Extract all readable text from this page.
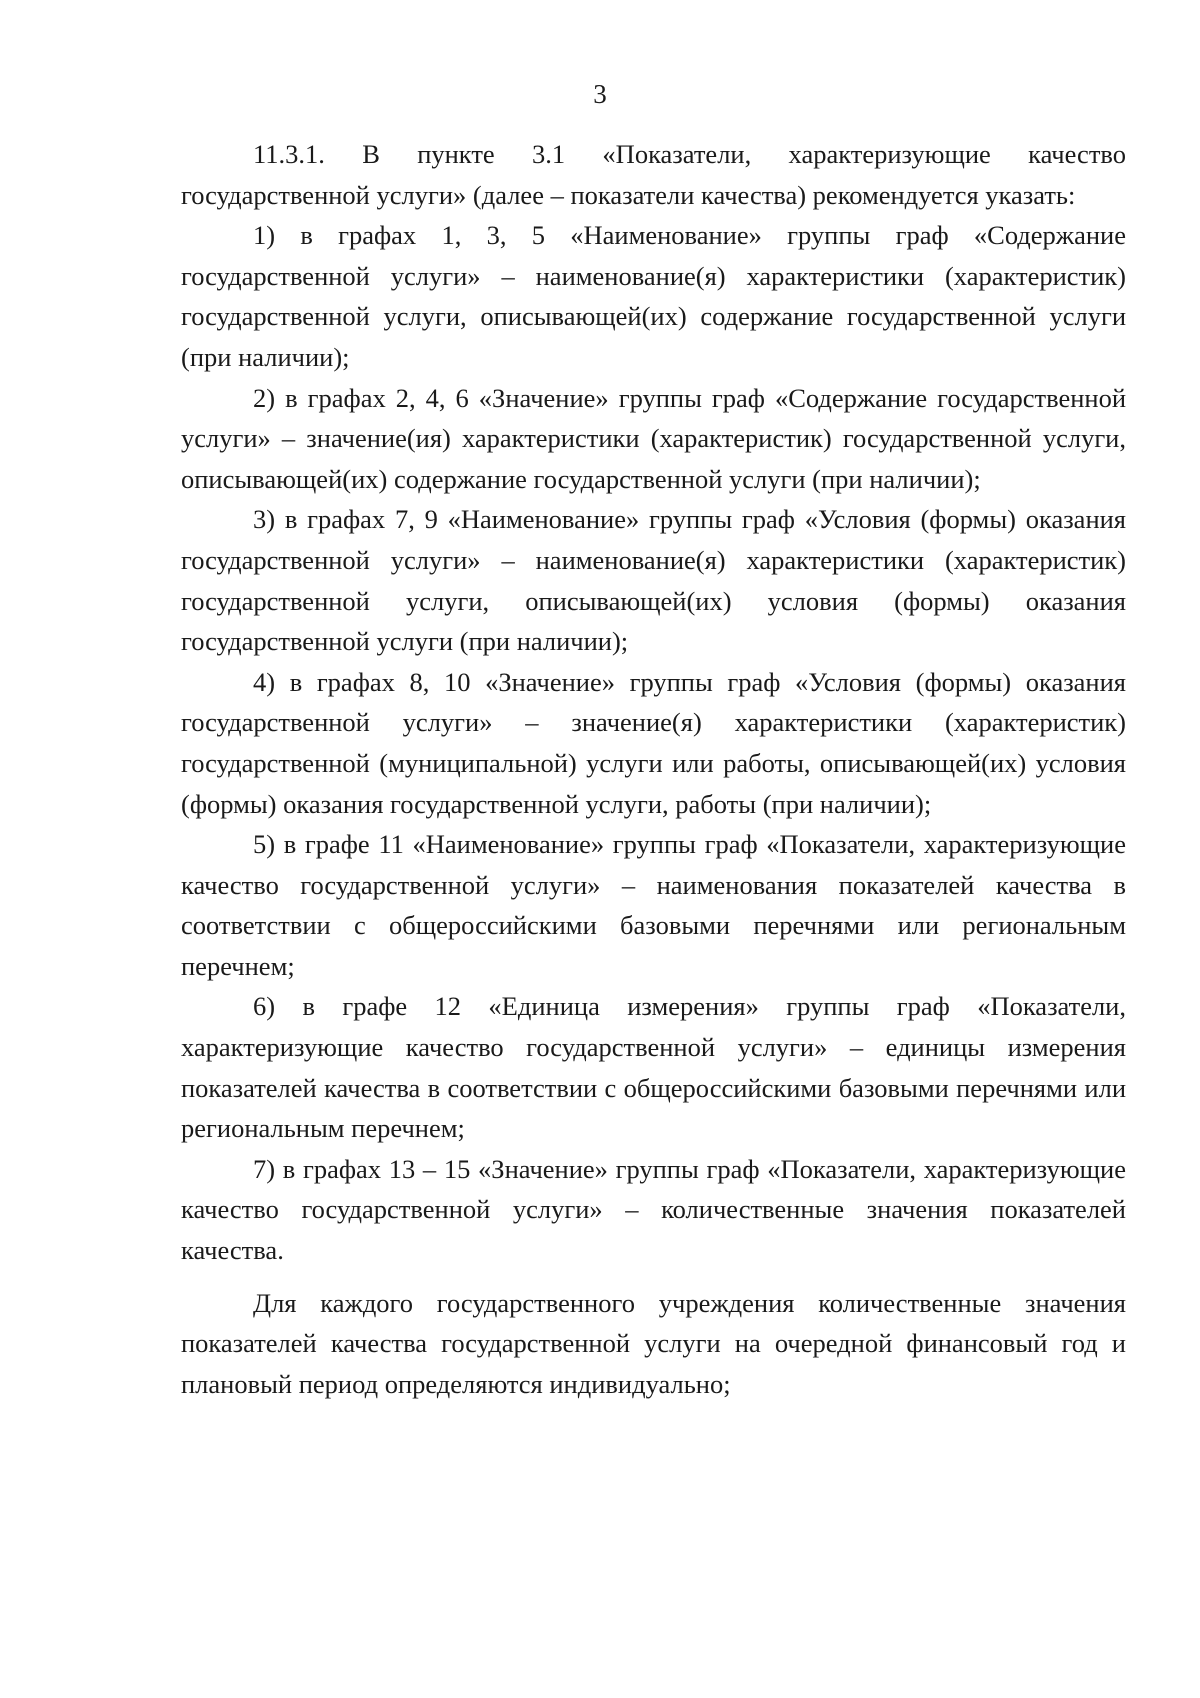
3

11.3.1. В пункте 3.1 «Показатели, характеризующие качество государственной услуги» (далее – показатели качества) рекомендуется указать:

1) в графах 1, 3, 5 «Наименование» группы граф «Содержание государственной услуги» – наименование(я) характеристики (характеристик) государственной услуги, описывающей(их) содержание государственной услуги (при наличии);

2) в графах 2, 4, 6 «Значение» группы граф «Содержание государственной услуги» – значение(ия) характеристики (характеристик) государственной услуги, описывающей(их) содержание государственной услуги (при наличии);

3) в графах 7, 9 «Наименование» группы граф «Условия (формы) оказания государственной услуги» – наименование(я) характеристики (характеристик) государственной услуги, описывающей(их) условия (формы) оказания государственной услуги (при наличии);

4) в графах 8, 10 «Значение» группы граф «Условия (формы) оказания государственной услуги» – значение(я) характеристики (характеристик) государственной (муниципальной) услуги или работы, описывающей(их) условия (формы) оказания государственной услуги, работы (при наличии);

5) в графе 11 «Наименование» группы граф «Показатели, характеризующие качество государственной услуги» – наименования показателей качества в соответствии с общероссийскими базовыми перечнями или региональным перечнем;

6) в графе 12 «Единица измерения» группы граф «Показатели, характеризующие качество государственной услуги» – единицы измерения показателей качества в соответствии с общероссийскими базовыми перечнями или региональным перечнем;

7) в графах 13 – 15 «Значение» группы граф «Показатели, характеризующие качество государственной услуги» – количественные значения показателей качества.

Для каждого государственного учреждения количественные значения показателей качества государственной услуги на очередной финансовый год и плановый период определяются индивидуально;
